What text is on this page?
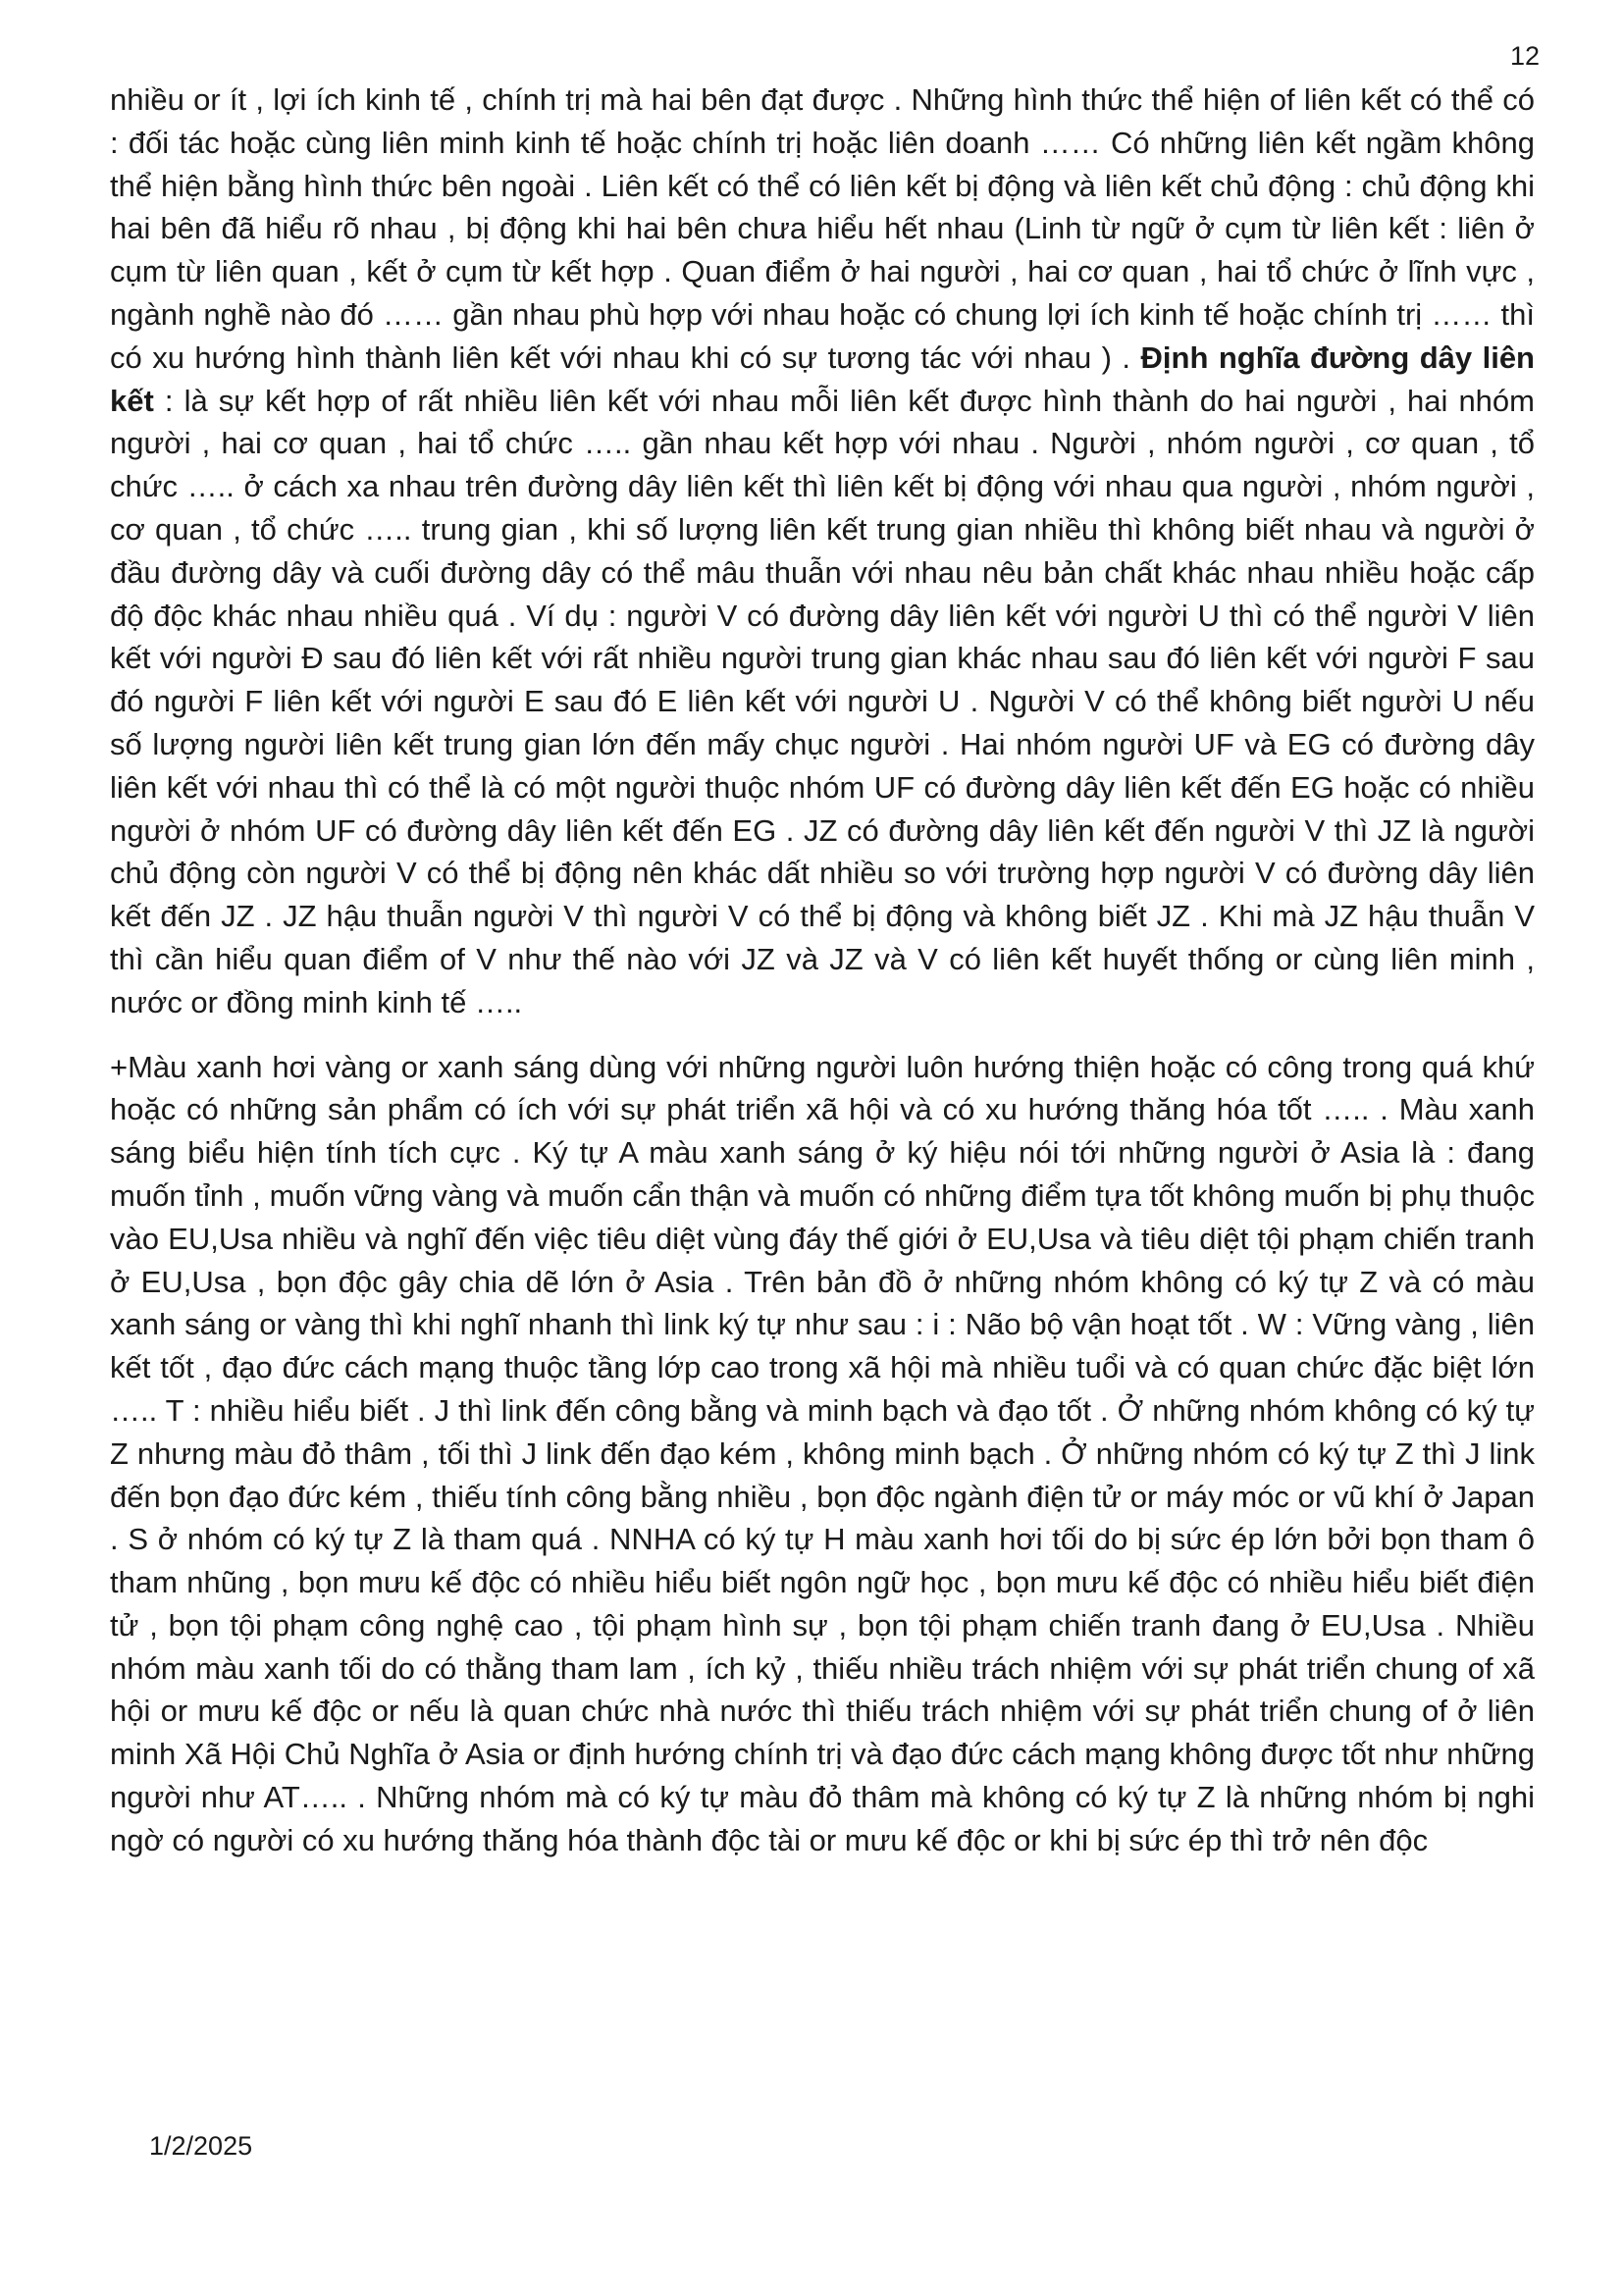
12

nhiều or ít , lợi ích kinh tế , chính trị mà hai bên đạt được . Những hình thức thể hiện of liên kết có thể có : đối tác hoặc cùng liên minh kinh tế hoặc chính trị hoặc liên doanh …… Có những liên kết ngầm không thể hiện bằng hình thức bên ngoài . Liên kết có thể có liên kết bị động và liên kết chủ động : chủ động khi hai bên đã hiểu rõ nhau , bị động khi hai bên chưa hiểu hết nhau (Linh từ ngữ ở cụm từ liên kết : liên ở cụm từ liên quan , kết ở cụm từ kết hợp . Quan điểm ở hai người , hai cơ quan , hai tổ chức ở lĩnh vực , ngành nghề nào đó …… gần nhau phù hợp với nhau hoặc có chung lợi ích kinh tế hoặc chính trị …… thì có xu hướng hình thành liên kết với nhau khi có sự tương tác với nhau ) . Định nghĩa đường dây liên kết : là sự kết hợp of rất nhiều liên kết với nhau mỗi liên kết được hình thành do hai người , hai nhóm người , hai cơ quan , hai tổ chức ….. gần nhau kết hợp với nhau . Người , nhóm người , cơ quan , tổ chức ….. ở cách xa nhau trên đường dây liên kết thì liên kết bị động với nhau qua người , nhóm người , cơ quan , tổ chức ….. trung gian , khi số lượng liên kết trung gian nhiều thì không biết nhau và người ở đầu đường dây và cuối đường dây có thể mâu thuẫn với nhau nêu bản chất khác nhau nhiều hoặc cấp độ độc khác nhau nhiều quá . Ví dụ : người V có đường dây liên kết với người U thì có thể người V liên kết với người Đ sau đó liên kết với rất nhiều người trung gian khác nhau sau đó liên kết với người F sau đó người F liên kết với người E sau đó E liên kết với người U . Người V có thể không biết người U nếu số lượng người liên kết trung gian lớn đến mấy chục người . Hai nhóm người UF và EG có đường dây liên kết với nhau thì có thể là có một người thuộc nhóm UF có đường dây liên kết đến EG hoặc có nhiều người ở nhóm UF có đường dây liên kết đến EG . JZ có đường dây liên kết đến người V thì JZ là người chủ động còn người V có thể bị động nên khác dất nhiều so với trường hợp người V có đường dây liên kết đến JZ . JZ hậu thuẫn người V thì người V có thể bị động và không biết JZ . Khi mà JZ hậu thuẫn V thì cần hiểu quan điểm of V như thế nào với JZ và JZ và V có liên kết huyết thống or cùng liên minh , nước or đồng minh kinh tế …..

+Màu xanh hơi vàng or xanh sáng dùng với những người luôn hướng thiện hoặc có công trong quá khứ hoặc có những sản phẩm có ích với sự phát triển xã hội và có xu hướng thăng hóa tốt ….. . Màu xanh sáng biểu hiện tính tích cực . Ký tự A màu xanh sáng ở ký hiệu nói tới những người ở Asia là : đang muốn tỉnh , muốn vững vàng và muốn cẩn thận và muốn có những điểm tựa tốt không muốn bị phụ thuộc vào EU,Usa nhiều và nghĩ đến việc tiêu diệt vùng đáy thế giới ở EU,Usa và tiêu diệt tội phạm chiến tranh ở EU,Usa , bọn độc gây chia dẽ lớn ở Asia . Trên bản đồ ở những nhóm không có ký tự Z và có màu xanh sáng or vàng thì khi nghĩ nhanh thì link ký tự như sau : i : Não bộ vận hoạt tốt . W : Vững vàng , liên kết tốt , đạo đức cách mạng thuộc tầng lớp cao trong xã hội mà nhiều tuổi và có quan chức đặc biệt lớn ….. T : nhiều hiểu biết . J thì link đến công bằng và minh bạch và đạo tốt . Ở những nhóm không có ký tự Z nhưng màu đỏ thâm , tối thì J link đến đạo kém , không minh bạch . Ở những nhóm có ký tự Z thì J link đến bọn đạo đức kém , thiếu tính công bằng nhiều , bọn độc ngành điện tử or máy móc or vũ khí ở Japan . S ở nhóm có ký tự Z là tham quá . NNHA có ký tự H màu xanh hơi tối do bị sức ép lớn bởi bọn tham ô tham nhũng , bọn mưu kế độc có nhiều hiểu biết ngôn ngữ học , bọn mưu kế độc có nhiều hiểu biết điện tử , bọn tội phạm công nghệ cao , tội phạm hình sự , bọn tội phạm chiến tranh đang ở EU,Usa . Nhiều nhóm màu xanh tối do có thằng tham lam , ích kỷ , thiếu nhiều trách nhiệm với sự phát triển chung of xã hội or mưu kế độc or nếu là quan chức nhà nước thì thiếu trách nhiệm với sự phát triển chung of ở liên minh Xã Hội Chủ Nghĩa ở Asia or định hướng chính trị và đạo đức cách mạng không được tốt như những người như AT….. . Những nhóm mà có ký tự màu đỏ thâm mà không có ký tự Z là những nhóm bị nghi ngờ có người có xu hướng thăng hóa thành độc tài or mưu kế độc or khi bị sức ép thì trở nên độc

1/2/2025
